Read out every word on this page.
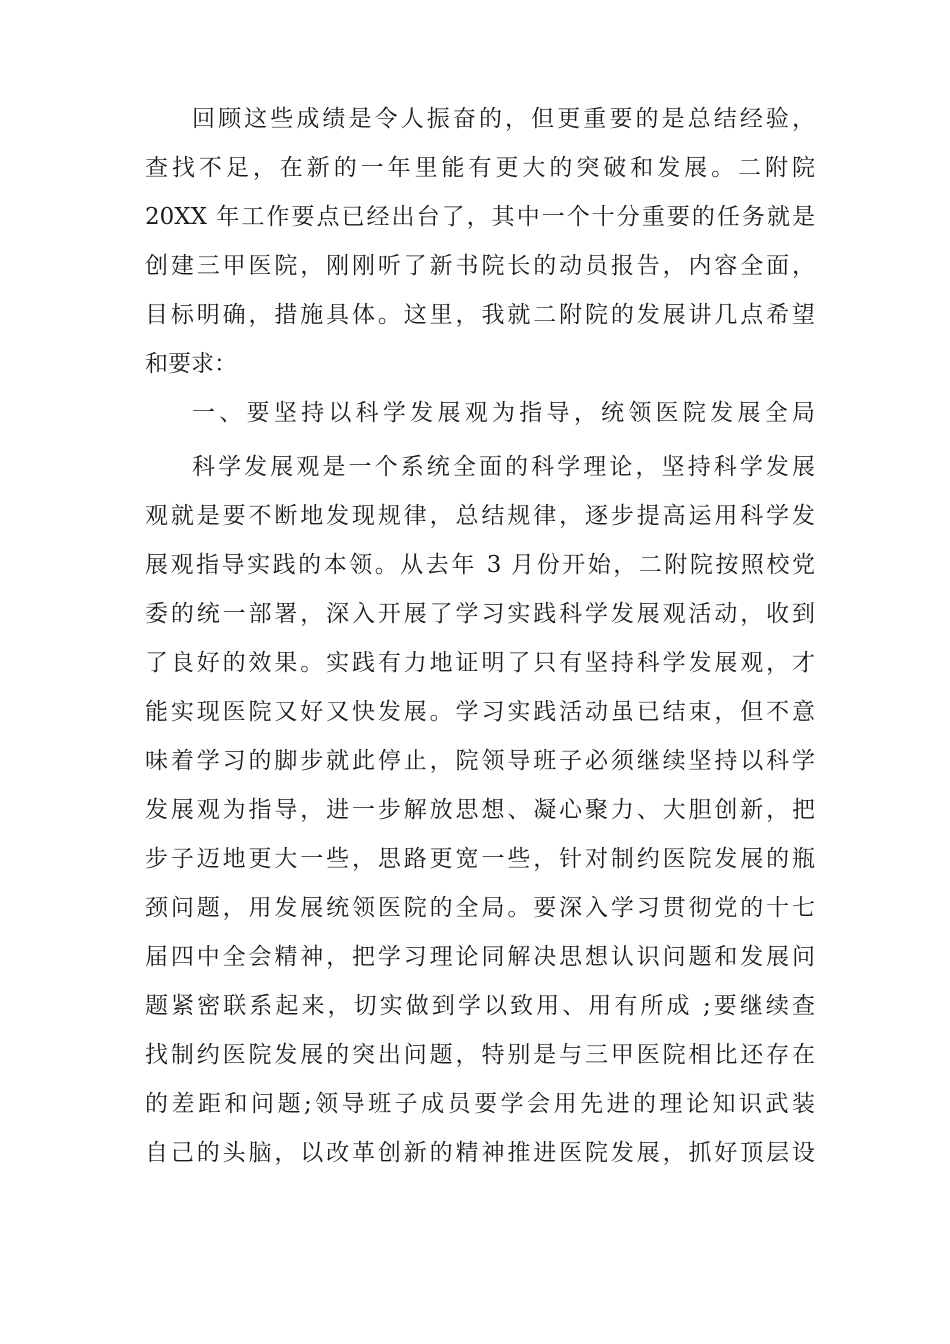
回顾这些成绩是令人振奋的，但更重要的是总结经验，
查找不足，在新的一年里能有更大的突破和发展。二附院
20XX 年工作要点已经出台了，其中一个十分重要的任务就是
创建三甲医院，刚刚听了新书院长的动员报告，内容全面，
目标明确，措施具体。这里，我就二附院的发展讲几点希望
和要求：
一、要坚持以科学发展观为指导，统领医院发展全局
科学发展观是一个系统全面的科学理论，坚持科学发展
观就是要不断地发现规律，总结规律，逐步提高运用科学发
展观指导实践的本领。从去年 3 月份开始，二附院按照校党
委的统一部署，深入开展了学习实践科学发展观活动，收到
了良好的效果。实践有力地证明了只有坚持科学发展观，才
能实现医院又好又快发展。学习实践活动虽已结束，但不意
味着学习的脚步就此停止，院领导班子必须继续坚持以科学
发展观为指导，进一步解放思想、凝心聚力、大胆创新，把
步子迈地更大一些，思路更宽一些，针对制约医院发展的瓶
颈问题，用发展统领医院的全局。要深入学习贯彻党的十七
届四中全会精神，把学习理论同解决思想认识问题和发展问
题紧密联系起来，切实做到学以致用、用有所成 ;要继续查
找制约医院发展的突出问题，特别是与三甲医院相比还存在
的差距和问题;领导班子成员要学会用先进的理论知识武装
自己的头脑，以改革创新的精神推进医院发展，抓好顶层设
